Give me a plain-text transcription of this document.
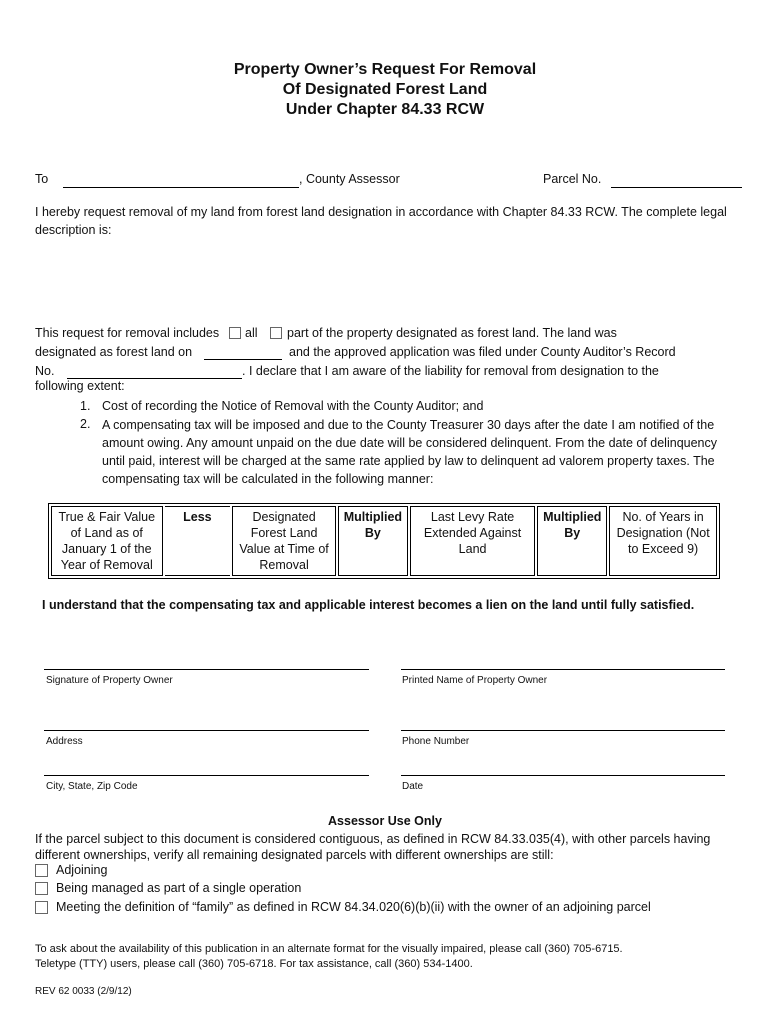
Property Owner’s Request For Removal
Of Designated Forest Land
Under Chapter 84.33 RCW
To	, County Assessor	Parcel No.
I hereby request removal of my land from forest land designation in accordance with Chapter 84.33 RCW. The complete legal description is:
This request for removal includes all part of the property designated as forest land. The land was
designated as forest land on	and the approved application was filed under County Auditor’s Record
No.	. I declare that I am aware of the liability for removal from designation to the
following extent:
1. Cost of recording the Notice of Removal with the County Auditor; and
2. A compensating tax will be imposed and due to the County Treasurer 30 days after the date I am notified of the amount owing. Any amount unpaid on the due date will be considered delinquent. From the date of delinquency until paid, interest will be charged at the same rate applied by law to delinquent ad valorem property taxes. The compensating tax will be calculated in the following manner:
True & Fair Value of Land as of January 1 of the Year of Removal	Less	Designated Forest Land Value at Time of Removal	Multiplied By	Last Levy Rate Extended Against Land	Multiplied By	No. of Years in Designation (Not to Exceed 9)
I understand that the compensating tax and applicable interest becomes a lien on the land until fully satisfied.
Signature of Property Owner	Printed Name of Property Owner
Address	Phone Number
City, State, Zip Code	Date
Assessor Use Only
If the parcel subject to this document is considered contiguous, as defined in RCW 84.33.035(4), with other parcels having different ownerships, verify all remaining designated parcels with different ownerships are still:
Adjoining
Being managed as part of a single operation
Meeting the definition of “family” as defined in RCW 84.34.020(6)(b)(ii) with the owner of an adjoining parcel
To ask about the availability of this publication in an alternate format for the visually impaired, please call (360) 705-6715.
Teletype (TTY) users, please call (360) 705-6718. For tax assistance, call (360) 534-1400.
REV 62 0033 (2/9/12)
